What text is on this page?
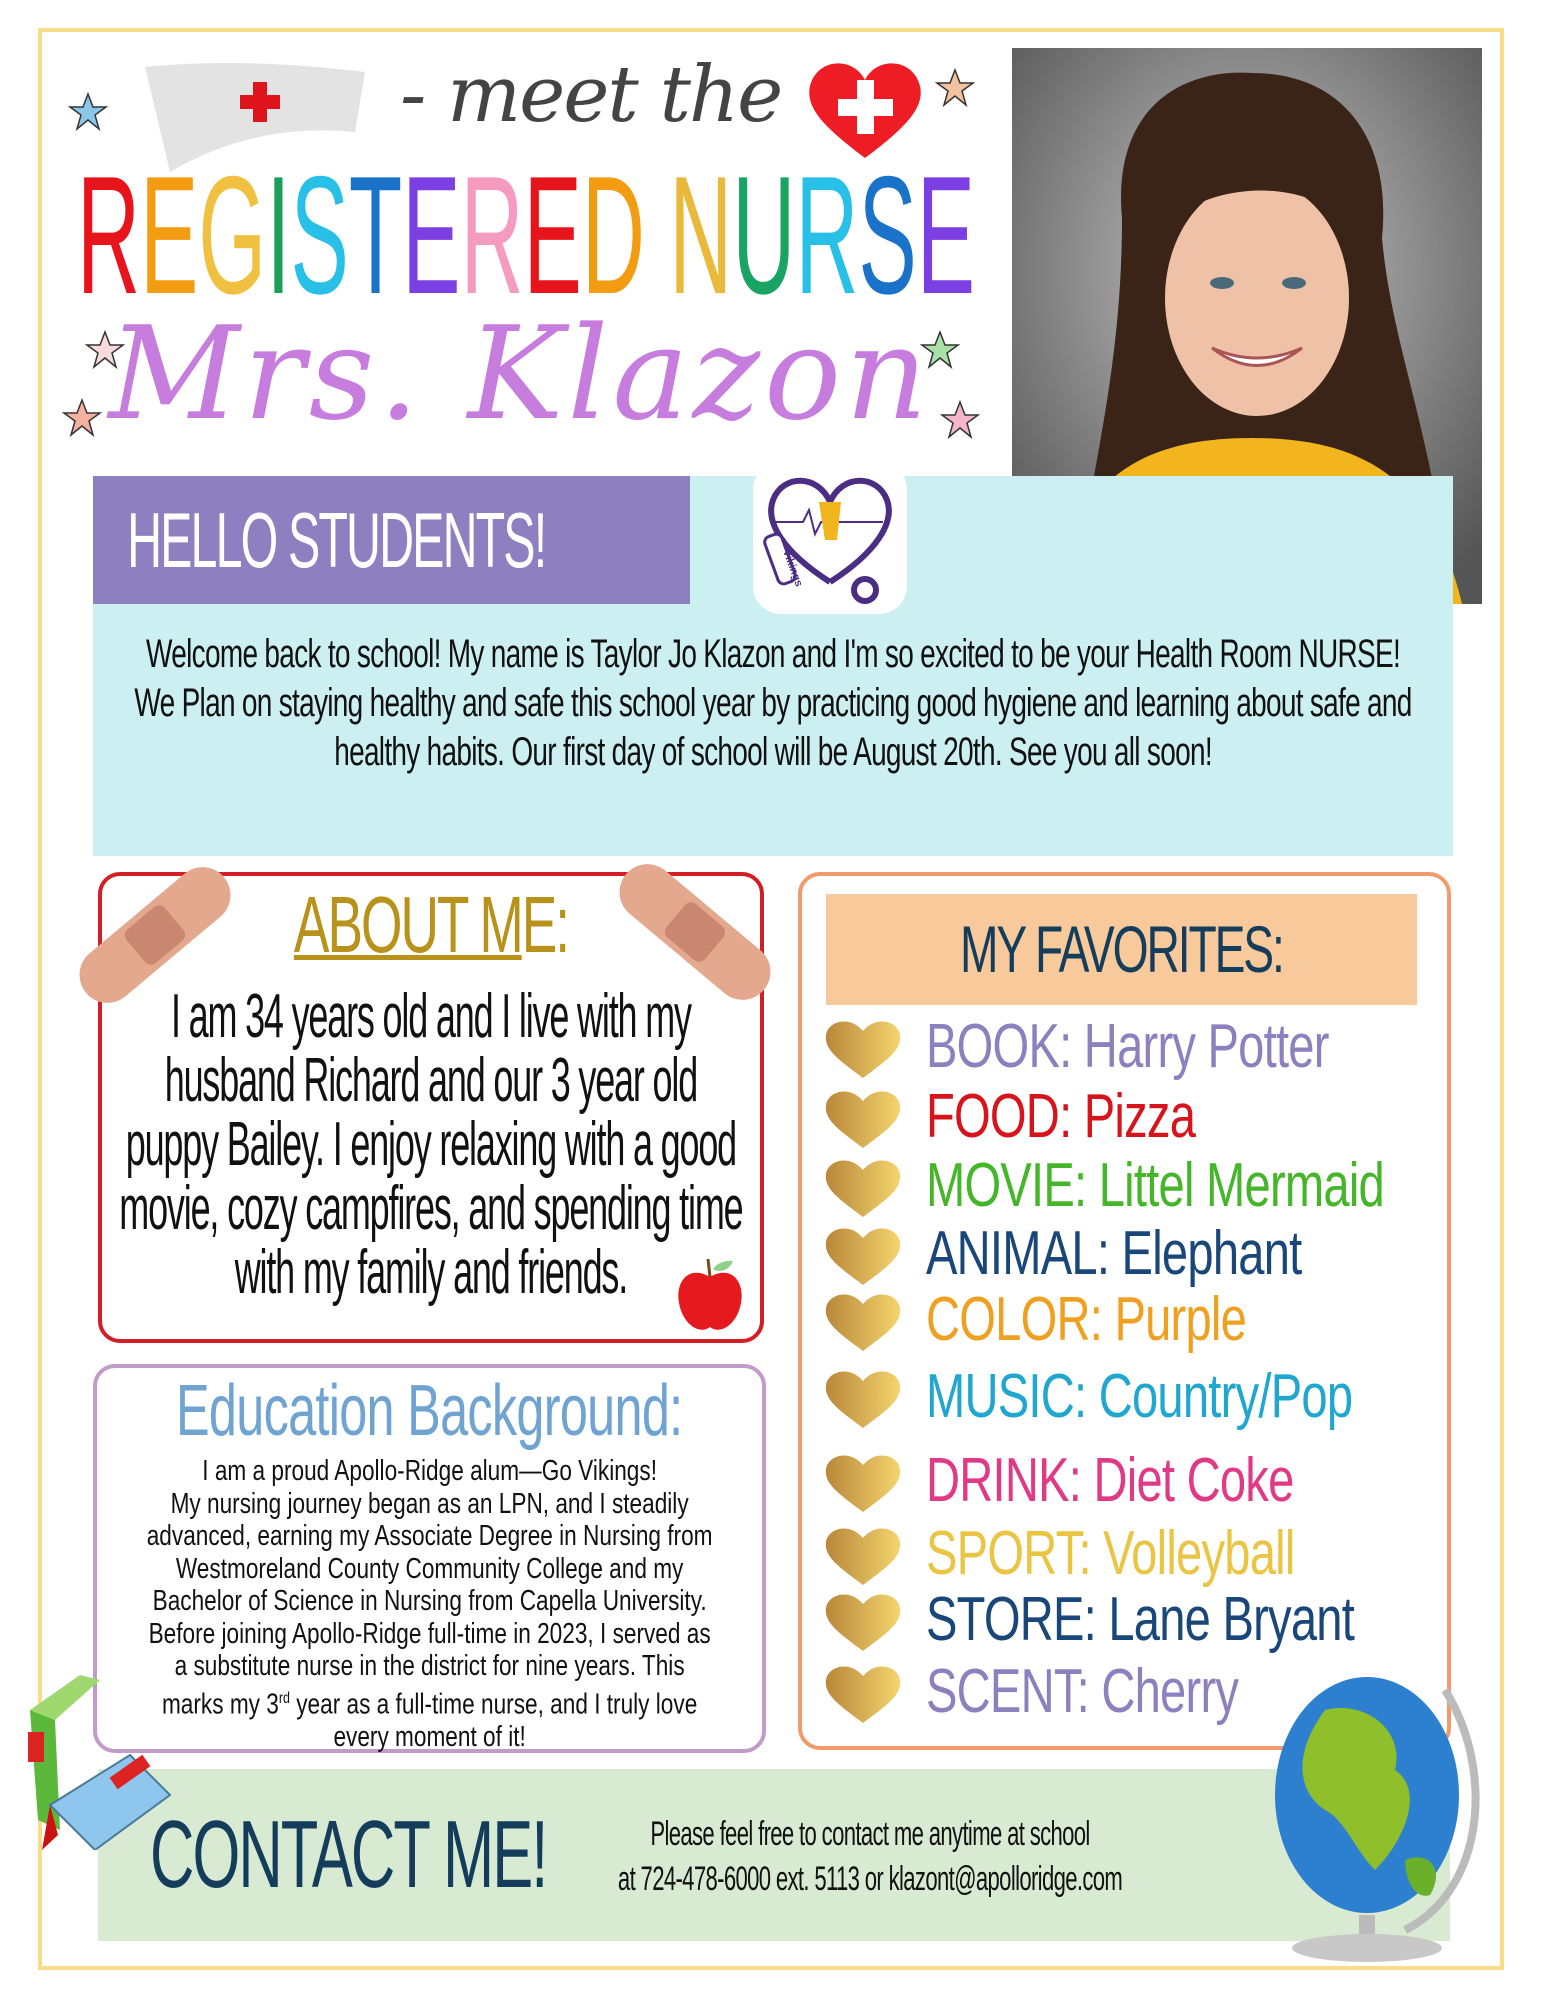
- meet the
REGISTERED NURSE
Mrs. Klazon
HELLO STUDENTS!	Vikings
Welcome back to school! My name is Taylor Jo Klazon and I'm so excited to be your Health Room NURSE!
We Plan on staying healthy and safe this school year by practicing good hygiene and learning about safe and
healthy habits. Our first day of school will be August 20th. See you all soon!
ABOUT ME:
I am 34 years old and I live with my
husband Richard and our 3 year old
puppy Bailey. I enjoy relaxing with a good
movie, cozy campfires, and spending time
with my family and friends.
Education Background:
I am a proud Apollo-Ridge alum—Go Vikings!
My nursing journey began as an LPN, and I steadily
advanced, earning my Associate Degree in Nursing from
Westmoreland County Community College and my
Bachelor of Science in Nursing from Capella University.
Before joining Apollo-Ridge full-time in 2023, I served as
a substitute nurse in the district for nine years. This
marks my 3rd year as a full-time nurse, and I truly love
every moment of it!
MY FAVORITES:
BOOK: Harry Potter
FOOD: Pizza
MOVIE: Littel Mermaid
ANIMAL: Elephant
COLOR: Purple
MUSIC: Country/Pop
DRINK: Diet Coke
SPORT: Volleyball
STORE: Lane Bryant
SCENT: Cherry
CONTACT ME!	Please feel free to contact me anytime at school
at 724-478-6000 ext. 5113 or klazont@apolloridge.com
